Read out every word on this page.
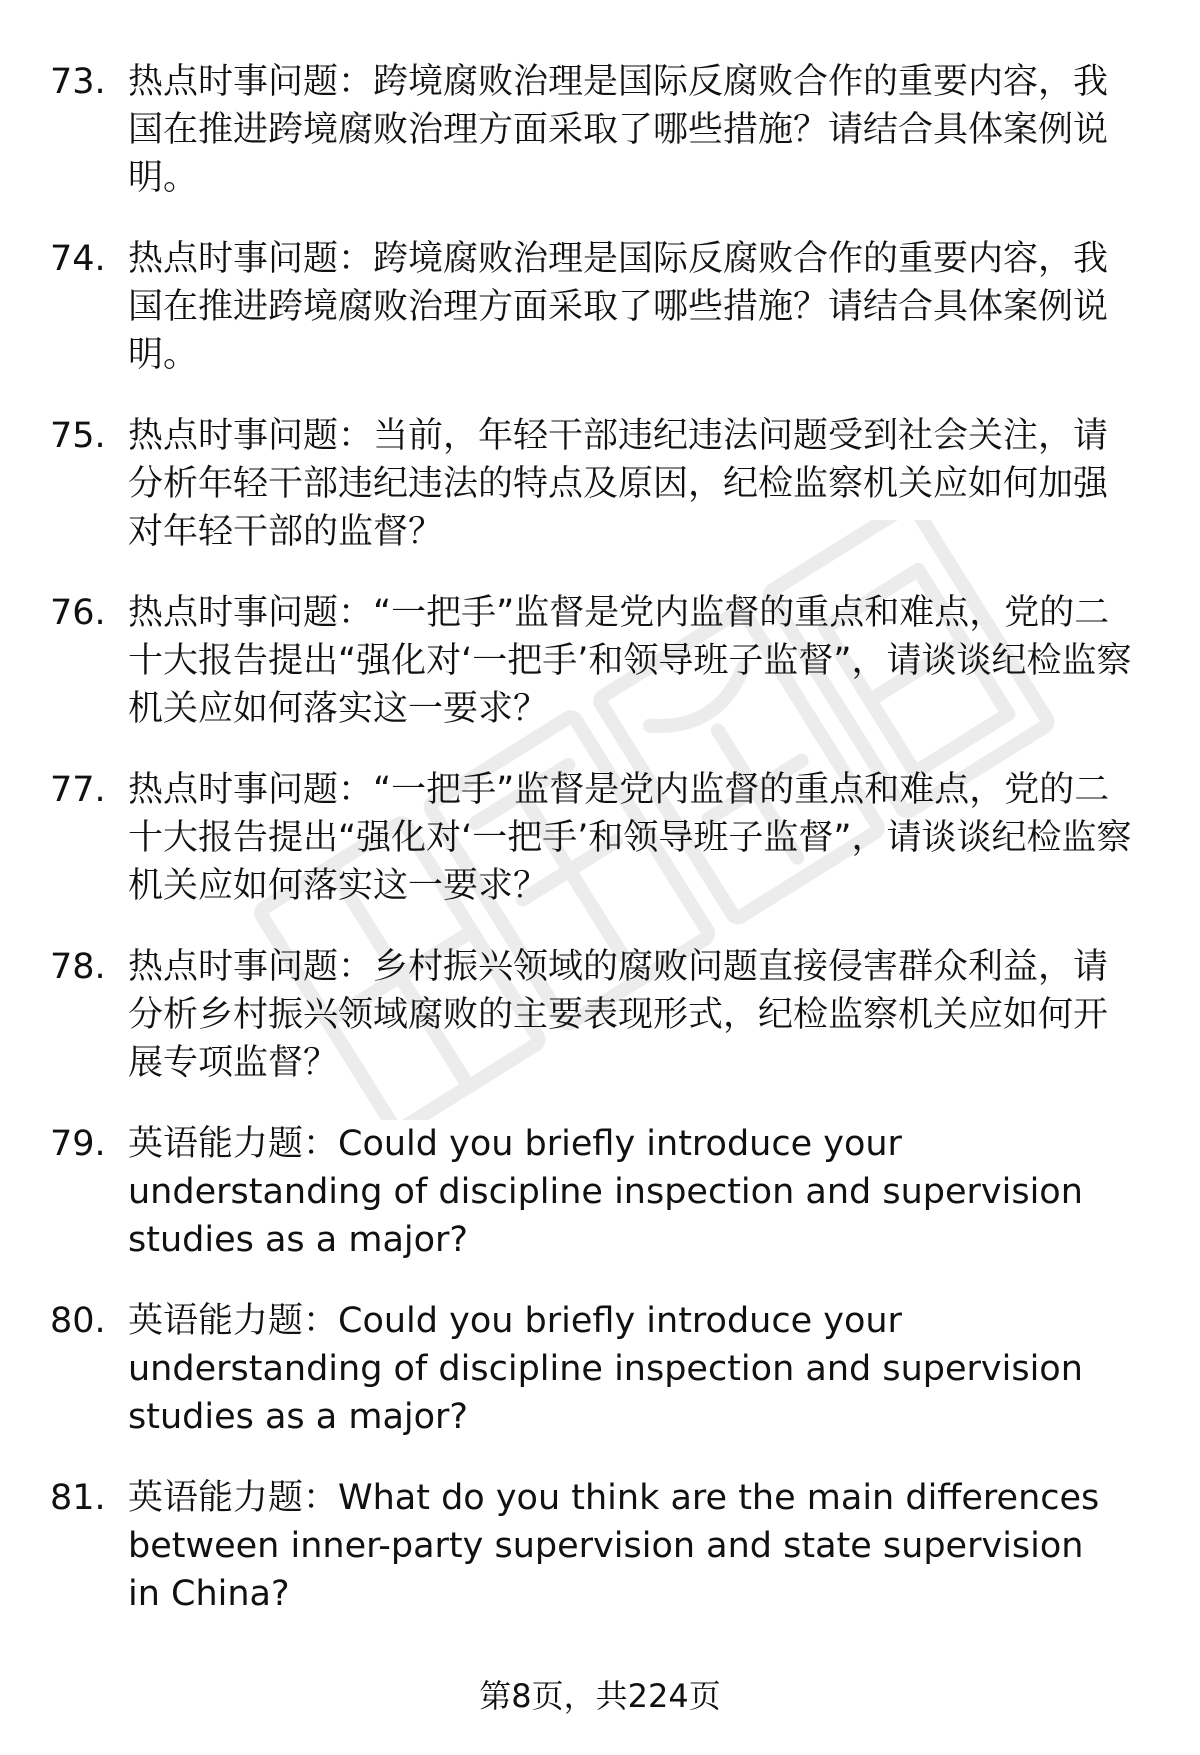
73. 热点时事问题：跨境腐败治理是国际反腐败合作的重要内容，我国在推进跨境腐败治理方面采取了哪些措施？请结合具体案例说明。
74. 热点时事问题：跨境腐败治理是国际反腐败合作的重要内容，我国在推进跨境腐败治理方面采取了哪些措施？请结合具体案例说明。
75. 热点时事问题：当前，年轻干部违纪违法问题受到社会关注，请分析年轻干部违纪违法的特点及原因，纪检监察机关应如何加强对年轻干部的监督？
76. 热点时事问题：“一把手”监督是党内监督的重点和难点，党的二十大报告提出“强化对‘一把手’和领导班子监督”，请谈谈纪检监察机关应如何落实这一要求？
77. 热点时事问题：“一把手”监督是党内监督的重点和难点，党的二十大报告提出“强化对‘一把手’和领导班子监督”，请谈谈纪检监察机关应如何落实这一要求？
78. 热点时事问题：乡村振兴领域的腐败问题直接侵害群众利益，请分析乡村振兴领域腐败的主要表现形式，纪检监察机关应如何开展专项监督？
79. 英语能力题：Could you briefly introduce your understanding of discipline inspection and supervision studies as a major?
80. 英语能力题：Could you briefly introduce your understanding of discipline inspection and supervision studies as a major?
81. 英语能力题：What do you think are the main differences between inner-party supervision and state supervision in China?
第8页，共224页
